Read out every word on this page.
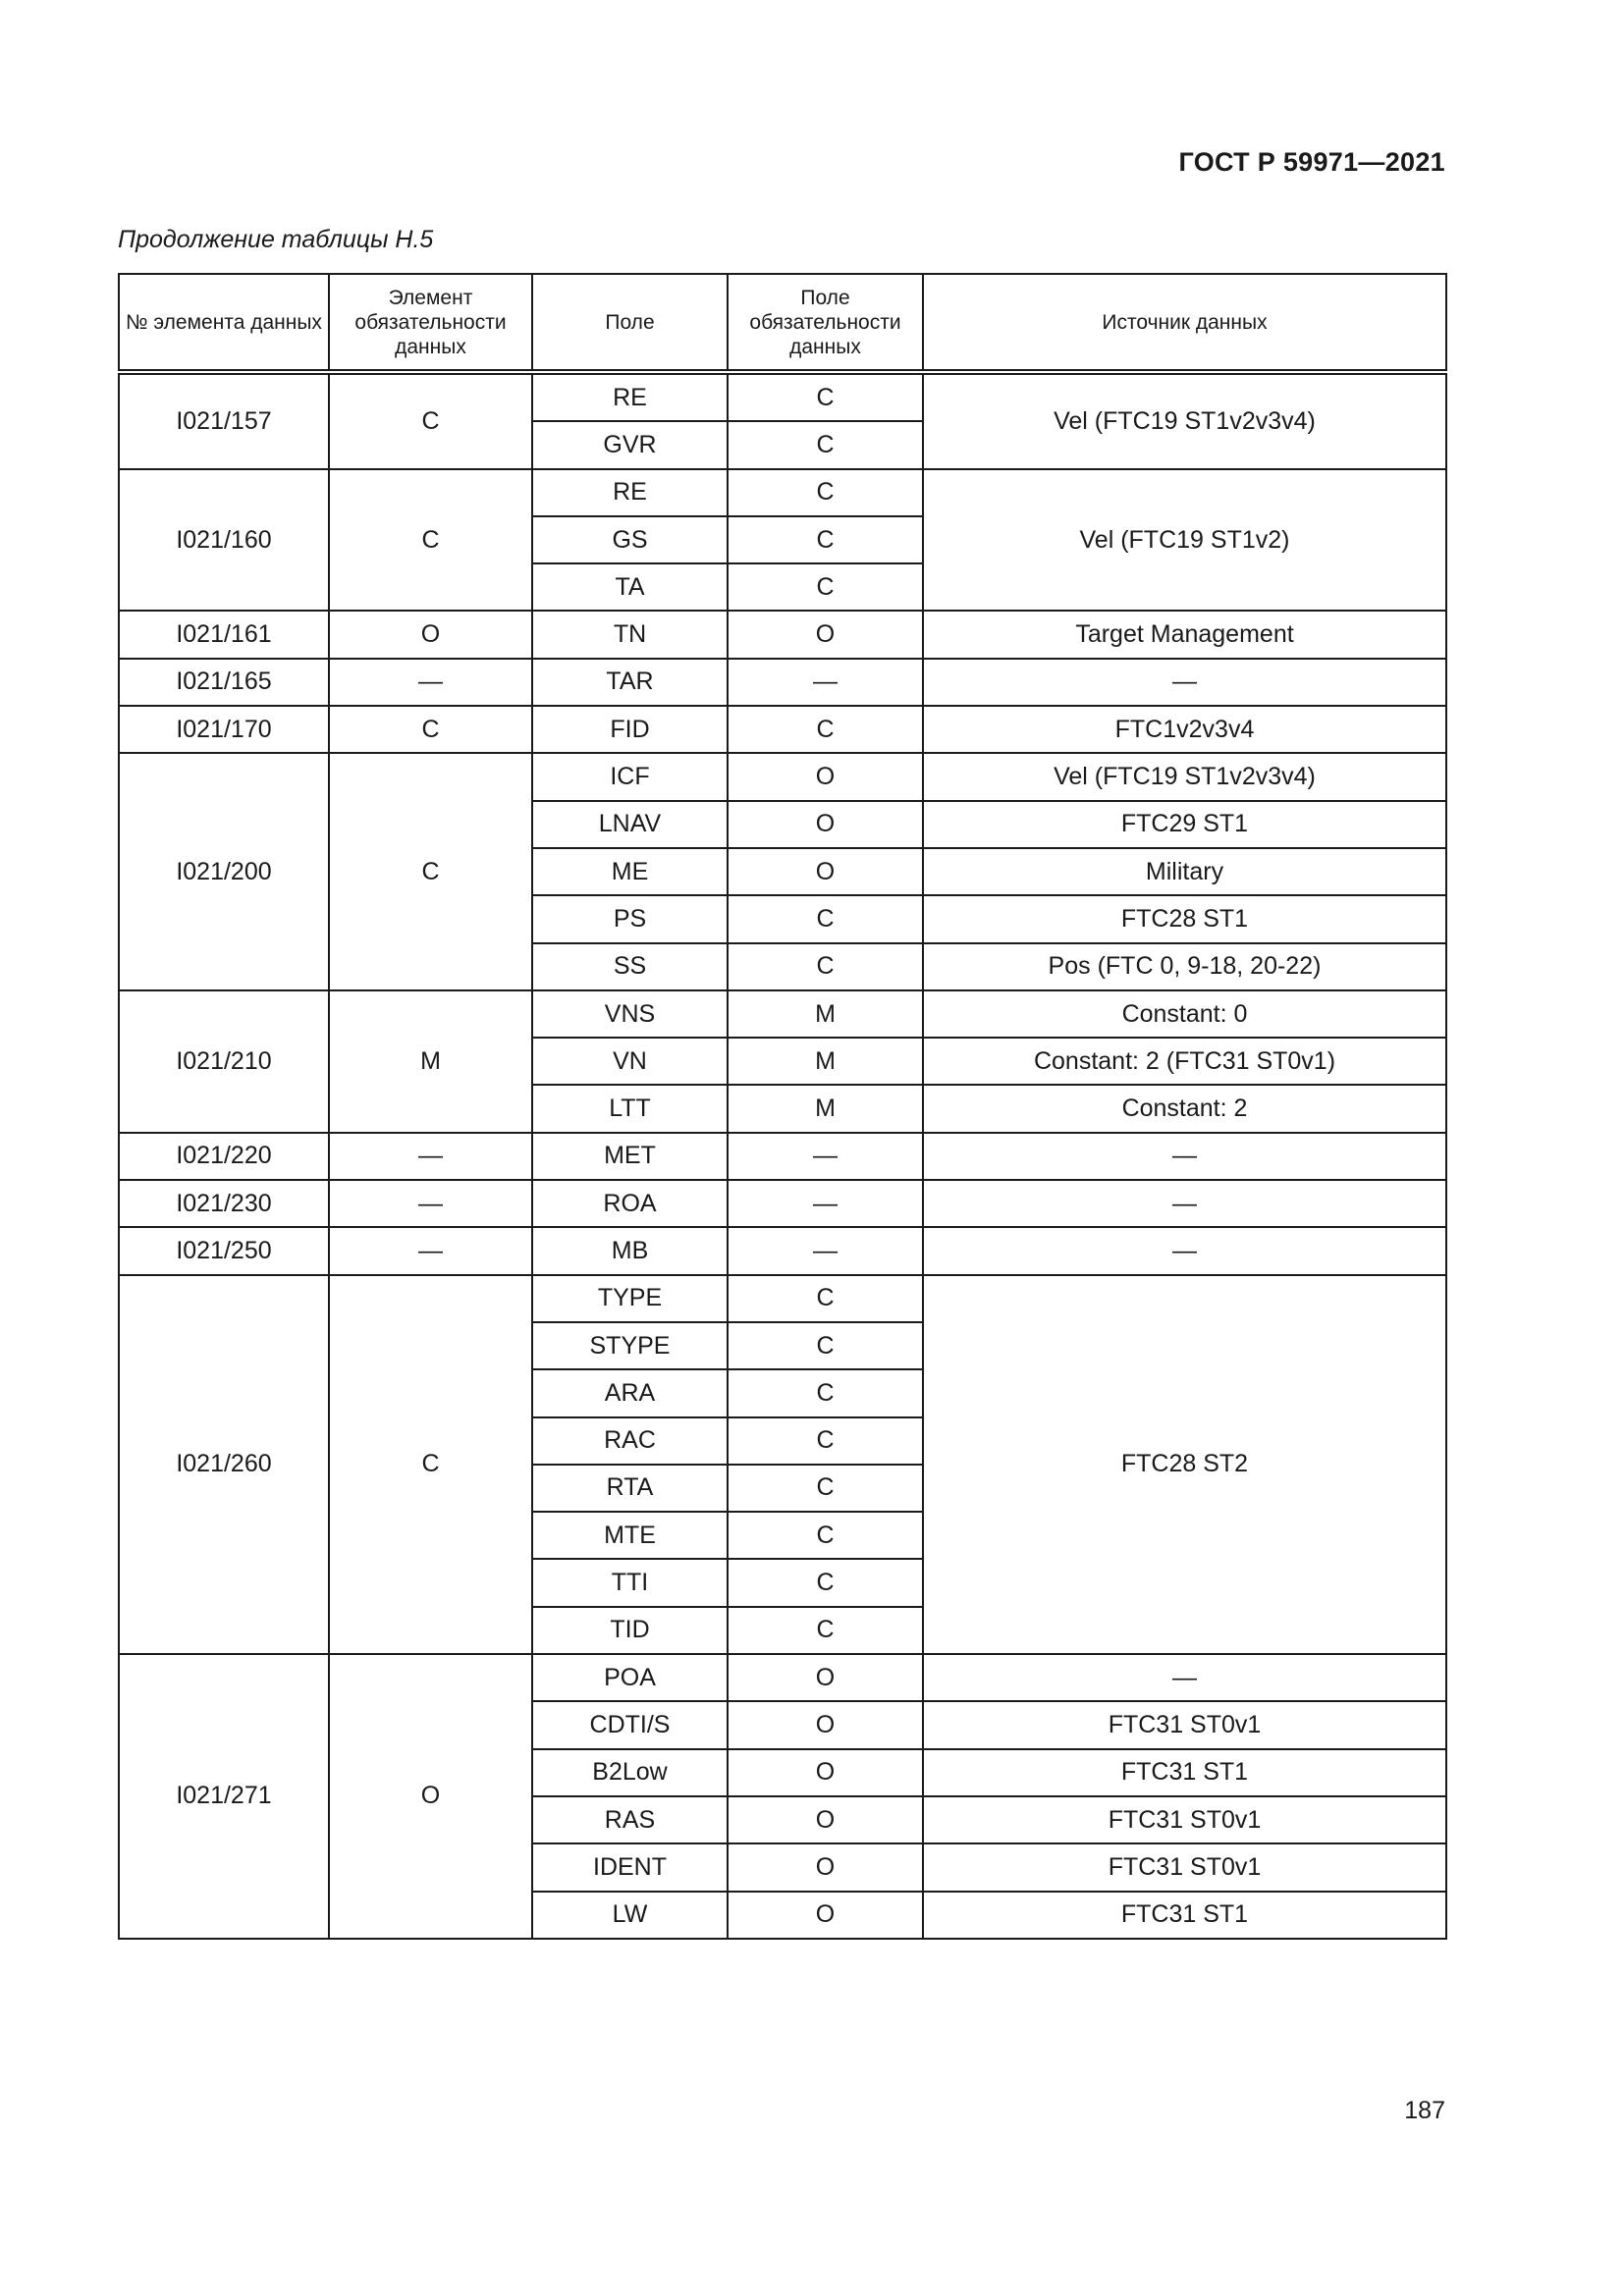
ГОСТ Р 59971—2021
Продолжение таблицы Н.5
№ элемента данных	Элемент обязательности данных	Поле	Поле обязательности данных	Источник данных
I021/157	C	RE	C	Vel (FTC19 ST1v2v3v4)
		GVR	C	
I021/160	C	RE	C	Vel (FTC19 ST1v2)
		GS	C	
		TA	C	
I021/161	O	TN	O	Target Management
I021/165	—	TAR	—	—
I021/170	C	FID	C	FTC1v2v3v4
I021/200	C	ICF	O	Vel (FTC19 ST1v2v3v4)
		LNAV	O	FTC29 ST1
		ME	O	Military
		PS	C	FTC28 ST1
		SS	C	Pos (FTC 0, 9-18, 20-22)
I021/210	M	VNS	M	Constant: 0
		VN	M	Constant: 2 (FTC31 ST0v1)
		LTT	M	Constant: 2
I021/220	—	MET	—	—
I021/230	—	ROA	—	—
I021/250	—	MB	—	—
I021/260	C	TYPE	C	FTC28 ST2
		STYPE	C	
		ARA	C	
		RAC	C	
		RTA	C	
		MTE	C	
		TTI	C	
		TID	C	
I021/271	O	POA	O	—
		CDTI/S	O	FTC31 ST0v1
		B2Low	O	FTC31 ST1
		RAS	O	FTC31 ST0v1
		IDENT	O	FTC31 ST0v1
		LW	O	FTC31 ST1
187
